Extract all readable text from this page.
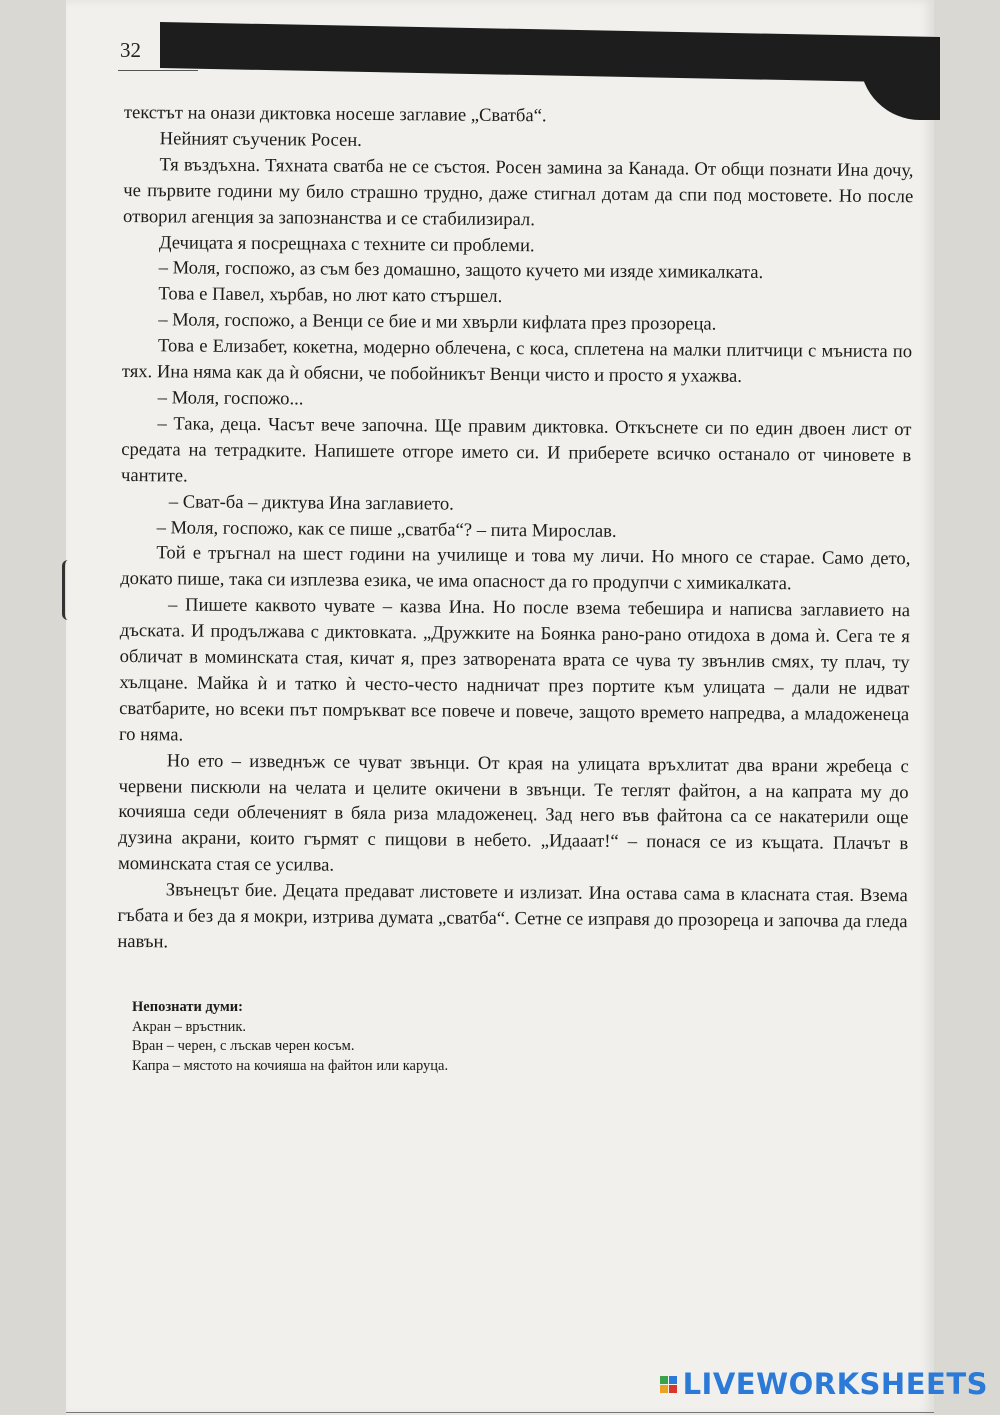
32

текстът на онази диктовка носеше заглавие „Сватба“.

Нейният съученик Росен.

Тя въздъхна. Тяхната сватба не се състоя. Росен замина за Канада. От общи познати Ина дочу, че първите години му било страшно трудно, даже стигнал дотам да спи под мостовете. Но после отворил агенция за запознанства и се стабилизирал.

Дечицата я посрещнаха с техните си проблеми.

– Моля, госпожо, аз съм без домашно, защото кучето ми изяде химикалката.

Това е Павел, хърбав, но лют като стършел.

– Моля, госпожо, а Венци се бие и ми хвърли кифлата през прозореца.

Това е Елизабет, кокетна, модерно облечена, с коса, сплетена на малки плитчици с мъниста по тях. Ина няма как да ѝ обясни, че побойникът Венци чисто и просто я ухажва.

– Моля, госпожо...

– Така, деца. Часът вече започна. Ще правим диктовка. Откъснете си по един двоен лист от средата на тетрадките. Напишете отгоре името си. И приберете всичко останало от чиновете в чантите.

– Сват-ба – диктува Ина заглавието.

– Моля, госпожо, как се пише „сватба“? – пита Мирослав.

Той е тръгнал на шест години на училище и това му личи. Но много се старае. Само дето, докато пише, така си изплезва езика, че има опасност да го продупчи с химикалката.

– Пишете каквото чувате – казва Ина. Но после взема тебешира и написва заглавието на дъската. И продължава с диктовката. „Дружките на Боянка рано-рано отидоха в дома ѝ. Сега те я обличат в моминската стая, кичат я, през затворената врата се чува ту звънлив смях, ту плач, ту хълцане. Майка ѝ и татко ѝ често-често надничат през портите към улицата – дали не идват сватбарите, но всеки път помръкват все повече и повече, защото времето напредва, а младоженеца го няма.

Но ето – изведнъж се чуват звънци. От края на улицата връхлитат два врани жребеца с червени пискюли на челата и целите окичени в звънци. Те теглят файтон, а на капрата му до кочияша седи облеченият в бяла риза младоженец. Зад него във файтона са се накатерили още дузина акрани, които гърмят с пищови в небето. „Идааат!“ – понася се из къщата. Плачът в моминската стая се усилва.

Звънецът бие. Децата предават листовете и излизат. Ина остава сама в класната стая. Взема гъбата и без да я мокри, изтрива думата „сватба“. Сетне се изправя до прозореца и започва да гледа навън.

Непознати думи:
Акран – връстник.
Вран – черен, с лъскав черен косъм.
Капра – мястото на кочияша на файтон или каруца.
LIVEWORKSHEETS
